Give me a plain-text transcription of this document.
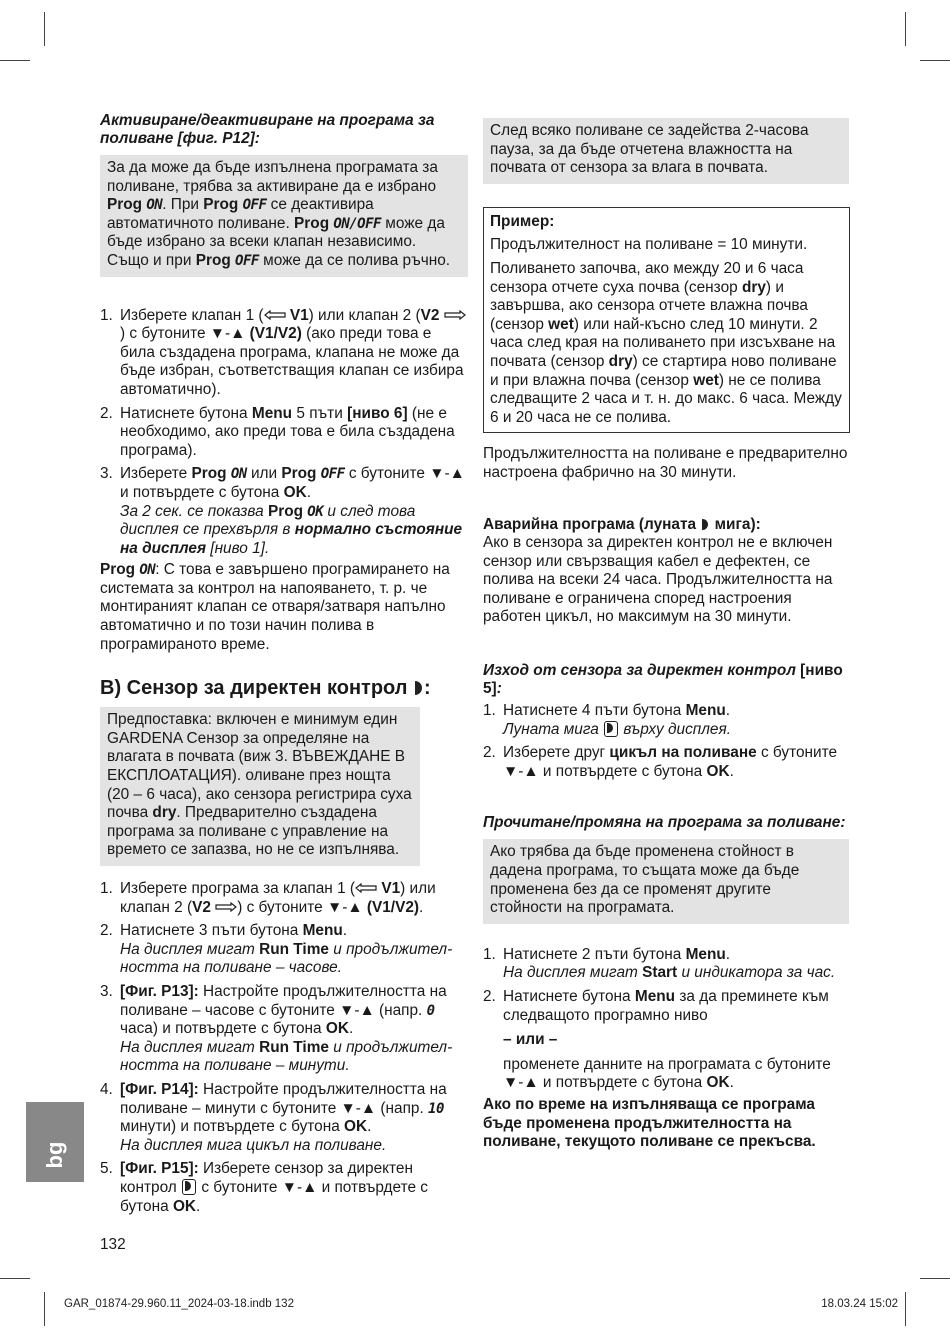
Активиране/деактивиране на програма за поливане [фиг. P12]:

За да може да бъде изпълнена програмата за поливане, трябва за активиране да е избрано Prog ON. При Prog OFF се деактивира автоматичното поливане. Prog ON/OFF може да бъде избрано за всеки клапан независимо. Също и при Prog OFF може да се полива ръчно.
1. Изберете клапан 1 ( V1) или клапан 2 (V2 ) с бутоните ▼-▲ (V1/V2) (ако преди това е била създадена програма, клапана не може да бъде избран, съответстващия клапан се избира автоматично).
2. Натиснете бутона Menu 5 пъти [ниво 6] (не е необходимо, ако преди това е била създадена програма).
3. Изберете Prog ON или Prog OFF с бутоните ▼-▲ и потвърдете с бутона OK.
За 2 сек. се показва Prog OK и след това дисплея се прехвърля в нормално състояние на дисплея [ниво 1].

Prog ON: С това е завършено програмирането на системата за контрол на напояването, т. р. че монтираният клапан се отваря/затваря напълно автоматично и по този начин полива в програмираното време.

B) Сензор за директен контрол :

Предпоставка: включен е минимум един GARDENA Сензор за определяне на влагата в почвата (виж 3. ВЪВЕЖДАНЕ В ЕКСПЛОАТАЦИЯ). оливане през нощта (20 – 6 часа), ако сензора регистрира суха почва dry. Предварително създадена програма за поливане с управление на времето се запазва, но не се изпълнява.
1. Изберете програма за клапан 1 ( V1) или клапан 2 (V2 ) с бутоните ▼-▲ (V1/V2).
2. Натиснете 3 пъти бутона Menu.
На дисплея мигат Run Time и продължителността на поливане – часове.
3. [Фиг. P13]: Настройте продължителността на поливане – часове с бутоните ▼-▲ (напр. 0 часа) и потвърдете с бутона OK.
На дисплея мигат Run Time и продължителността на поливане – минути.
4. [Фиг. P14]: Настройте продължителността на поливане – минути с бутоните ▼-▲ (напр. 10 минути) и потвърдете с бутона OK.
На дисплея мига цикъл на поливане.
5. [Фиг. P15]: Изберете сензор за директен контрол  с бутоните ▼-▲ и потвърдете с бутона OK.
След всяко поливане се задейства 2-часова пауза, за да бъде отчетена влажността на почвата от сензора за влага в почвата.

Пример:

Продължителност на поливане = 10 минути.

Поливането започва, ако между 20 и 6 часа сензора отчете суха почва (сензор dry) и завършва, ако сензора отчете влажна почва (сензор wet) или най-късно след 10 минути. 2 часа след края на поливането при изсъхване на почвата (сензор dry) се стартира ново поливане и при влажна почва (сензор wet) не се полива следващите 2 часа и т. н. до макс. 6 часа. Между 6 и 20 часа не се полива.

Продължителността на поливане е предварително настроена фабрично на 30 минути.

Аварийна програма (луната  мига):

Ако в сензора за директен контрол не е включен сензор или свързващия кабел е дефектен, се полива на всеки 24 часа. Продължителността на поливане е ограничена според настроения работен цикъл, но максимум на 30 минути.

Изход от сензора за директен контрол [ниво 5]:

1. Натиснете 4 пъти бутона Menu.
Луната мига  върху дисплея.
2. Изберете друг цикъл на поливане с бутоните ▼-▲ и потвърдете с бутона OK.

Прочитане/промяна на програма за поливане:

Ако трябва да бъде променена стойност в дадена програма, то същата може да бъде променена без да се променят другите стойности на програмата.
1. Натиснете 2 пъти бутона Menu.
На дисплея мигат Start и индикатора за час.
2. Натиснете бутона Menu за да преминете към следващото програмно ниво
– или –
променете данните на програмата с бутоните ▼-▲ и потвърдете с бутона OK.

Ако по време на изпълняваща се програма бъде променена продължителността на поливане, текущото поливане се прекъсва.

bg
132
GAR_01874-29.960.11_2024-03-18.indb 132	18.03.24 15:02
